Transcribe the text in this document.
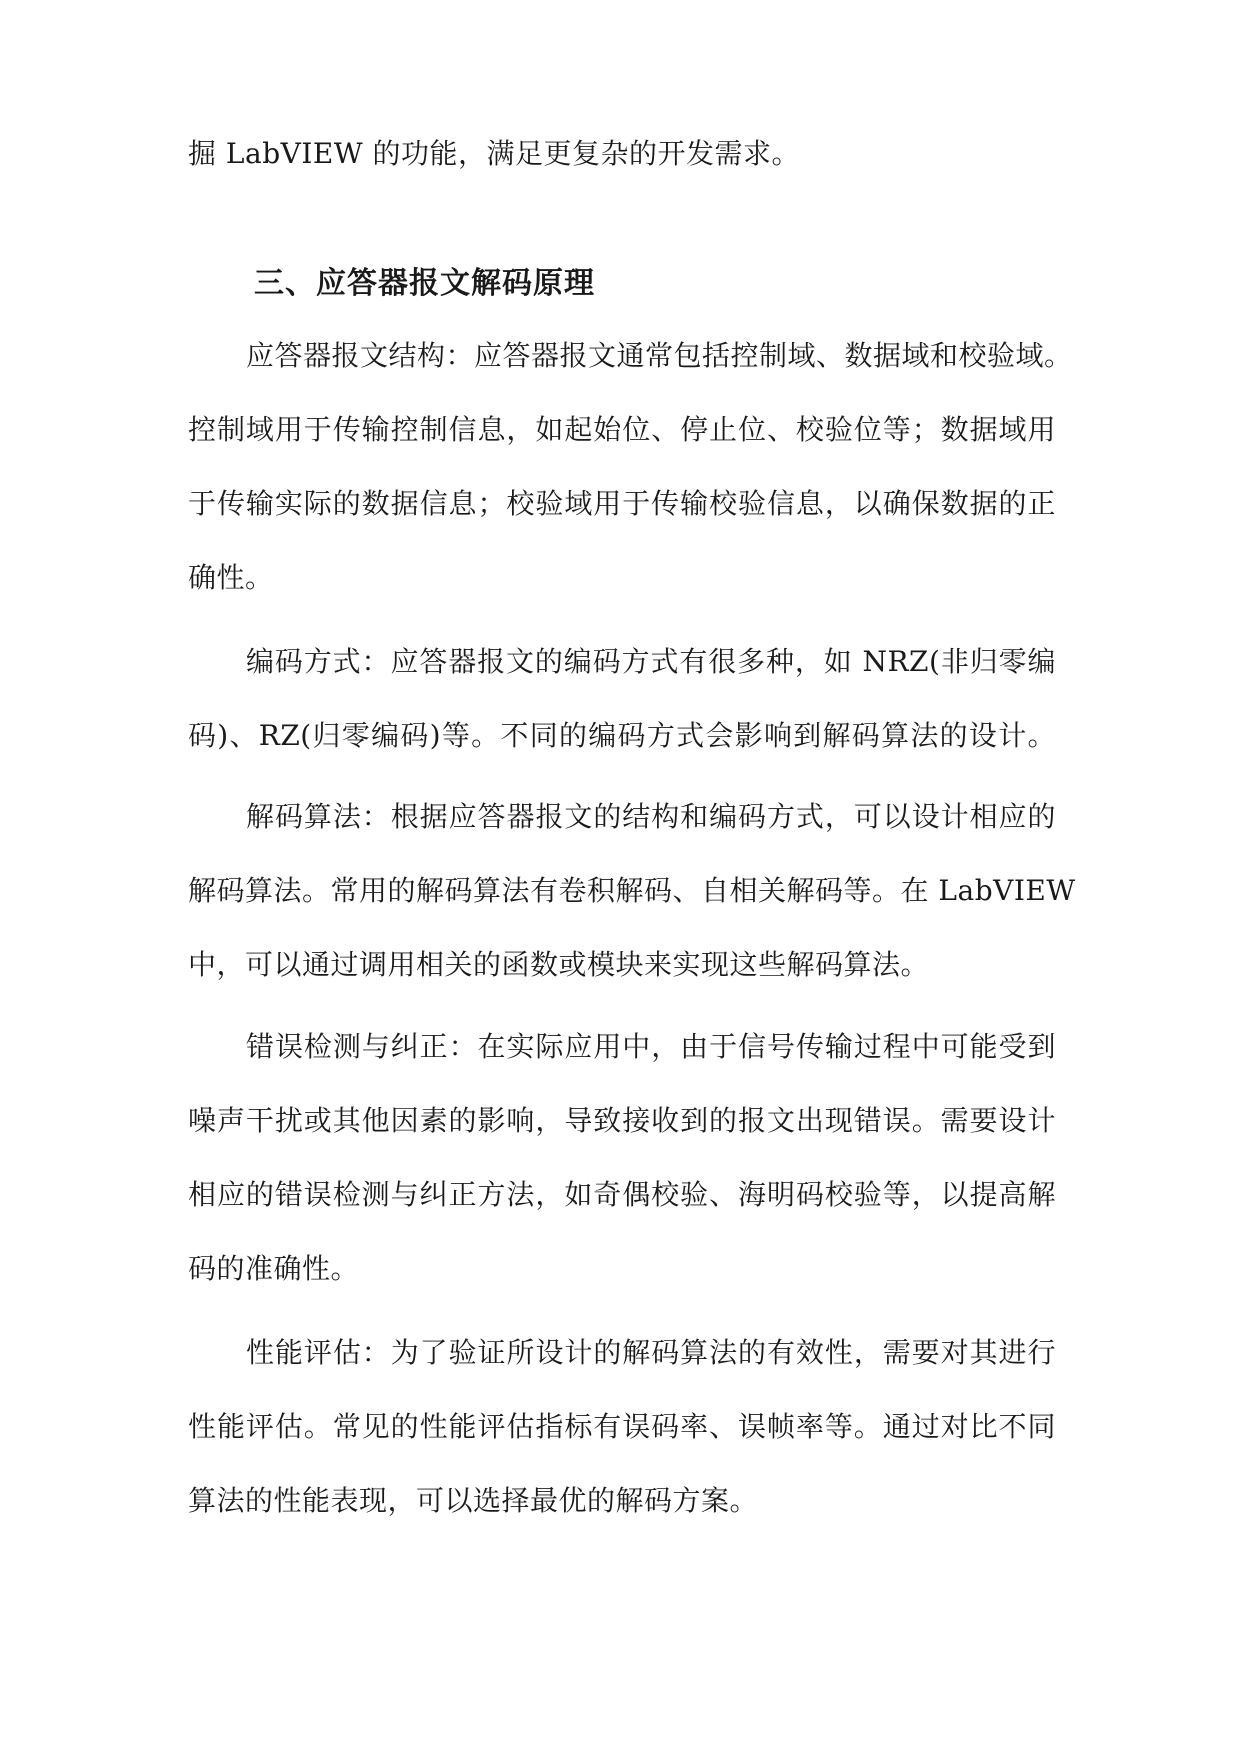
掘 LabVIEW 的功能，满足更复杂的开发需求。
三、应答器报文解码原理
应答器报文结构：应答器报文通常包括控制域、数据域和校验域。
控制域用于传输控制信息，如起始位、停止位、校验位等；数据域用
于传输实际的数据信息；校验域用于传输校验信息，以确保数据的正
确性。
编码方式：应答器报文的编码方式有很多种，如 NRZ(非归零编
码)、RZ(归零编码)等。不同的编码方式会影响到解码算法的设计。
解码算法：根据应答器报文的结构和编码方式，可以设计相应的
解码算法。常用的解码算法有卷积解码、自相关解码等。在 LabVIEW
中，可以通过调用相关的函数或模块来实现这些解码算法。
错误检测与纠正：在实际应用中，由于信号传输过程中可能受到
噪声干扰或其他因素的影响，导致接收到的报文出现错误。需要设计
相应的错误检测与纠正方法，如奇偶校验、海明码校验等，以提高解
码的准确性。
性能评估：为了验证所设计的解码算法的有效性，需要对其进行
性能评估。常见的性能评估指标有误码率、误帧率等。通过对比不同
算法的性能表现，可以选择最优的解码方案。
